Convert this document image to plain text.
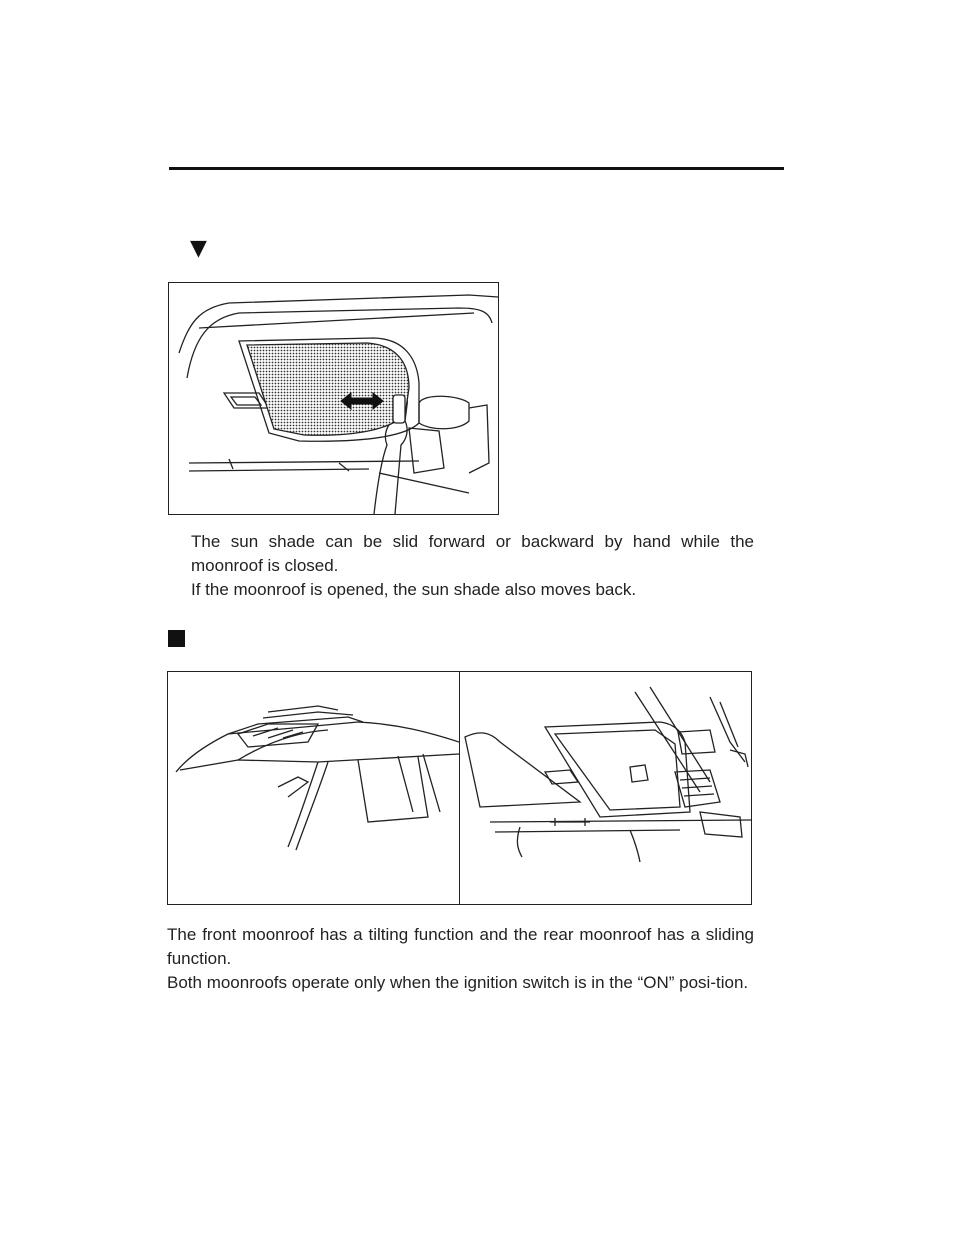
▼

The sun shade can be slid forward or backward by hand while the moonroof is closed.
If the moonroof is opened, the sun shade also moves back.

The front moonroof has a tilting function and the rear moonroof has a sliding function.
Both moonroofs operate only when the ignition switch is in the “ON” posi-tion.
